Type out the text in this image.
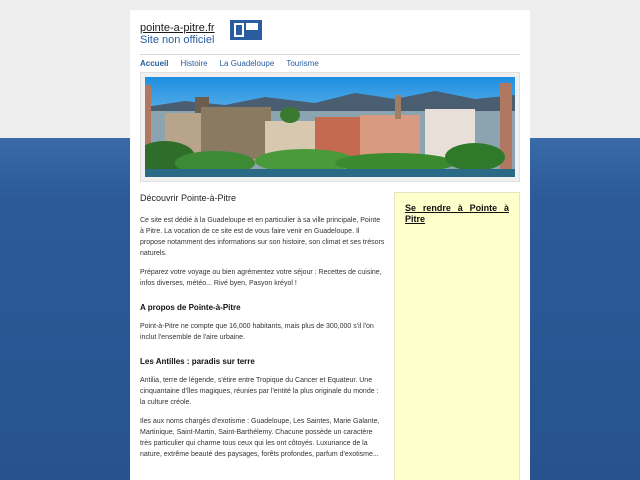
pointe-a-pitre.fr
Site non officiel
Accueil Histoire La Guadeloupe Tourisme
Découvrir Pointe-à-Pitre

Ce site est dédié à la Guadeloupe et en particulier à sa ville principale, Pointe à Pitre. La vocation de ce site est de vous faire venir en Guadeloupe. Il propose notamment des informations sur son histoire, son climat et ses trésors naturels.

Préparez votre voyage ou bien agrémentez votre séjour : Recettes de cuisine, infos diverses, météo... Rivé byen, Pasyon kréyol !

A propos de Pointe-à-Pitre

Point-à-Pitre ne compte que 16,000 habitants, mais plus de 300,000 s'il l'on inclut l'ensemble de l'aire urbaine.

Les Antilles : paradis sur terre

Antilia, terre de légende, s'étire entre Tropique du Cancer et Equateur. Une cinquantaine d'îles magiques, réunies par l'entité la plus originale du monde : la culture créole.

Iles aux noms chargés d'exotisme : Guadeloupe, Les Saintes, Marie Galante, Martinique, Saint-Martin, Saint-Barthélemy. Chacune possède un caractère très particulier qui charme tous ceux qui les ont côtoyés. Luxuriance de la nature, extrême beauté des paysages, forêts profondes, parfum d'exotisme...

Se rendre à Pointe à Pitre
